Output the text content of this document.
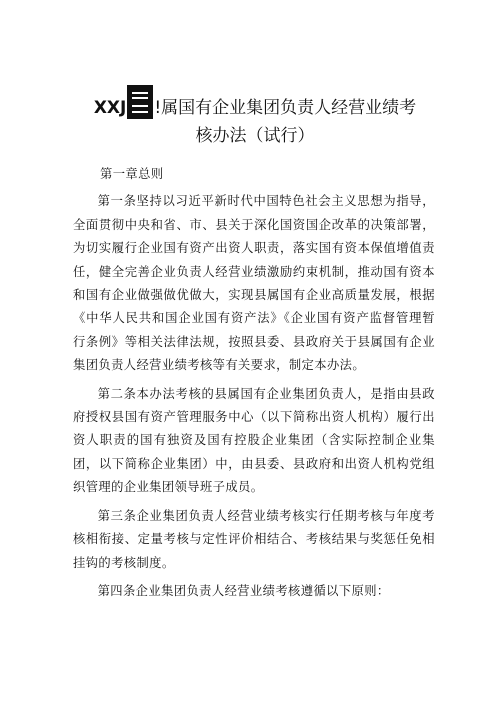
XXJ !属国有企业集团负责人经营业绩考
核办法（试行）
第一章总则

第一条坚持以习近平新时代中国特色社会主义思想为指导，全面贯彻中央和省、市、县关于深化国资国企改革的决策部署，为切实履行企业国有资产出资人职责，落实国有资本保值增值责任，健全完善企业负责人经营业绩激励约束机制，推动国有资本和国有企业做强做优做大，实现县属国有企业高质量发展，根据《中华人民共和国企业国有资产法》《企业国有资产监督管理暂行条例》等相关法律法规，按照县委、县政府关于县属国有企业集团负责人经营业绩考核等有关要求，制定本办法。

第二条本办法考核的县属国有企业集团负责人，是指由县政府授权县国有资产管理服务中心（以下简称出资人机构）履行出资人职责的国有独资及国有控股企业集团（含实际控制企业集团，以下简称企业集团）中，由县委、县政府和出资人机构党组织管理的企业集团领导班子成员。

第三条企业集团负责人经营业绩考核实行任期考核与年度考核相衔接、定量考核与定性评价相结合、考核结果与奖惩任免相挂钩的考核制度。

第四条企业集团负责人经营业绩考核遵循以下原则：
